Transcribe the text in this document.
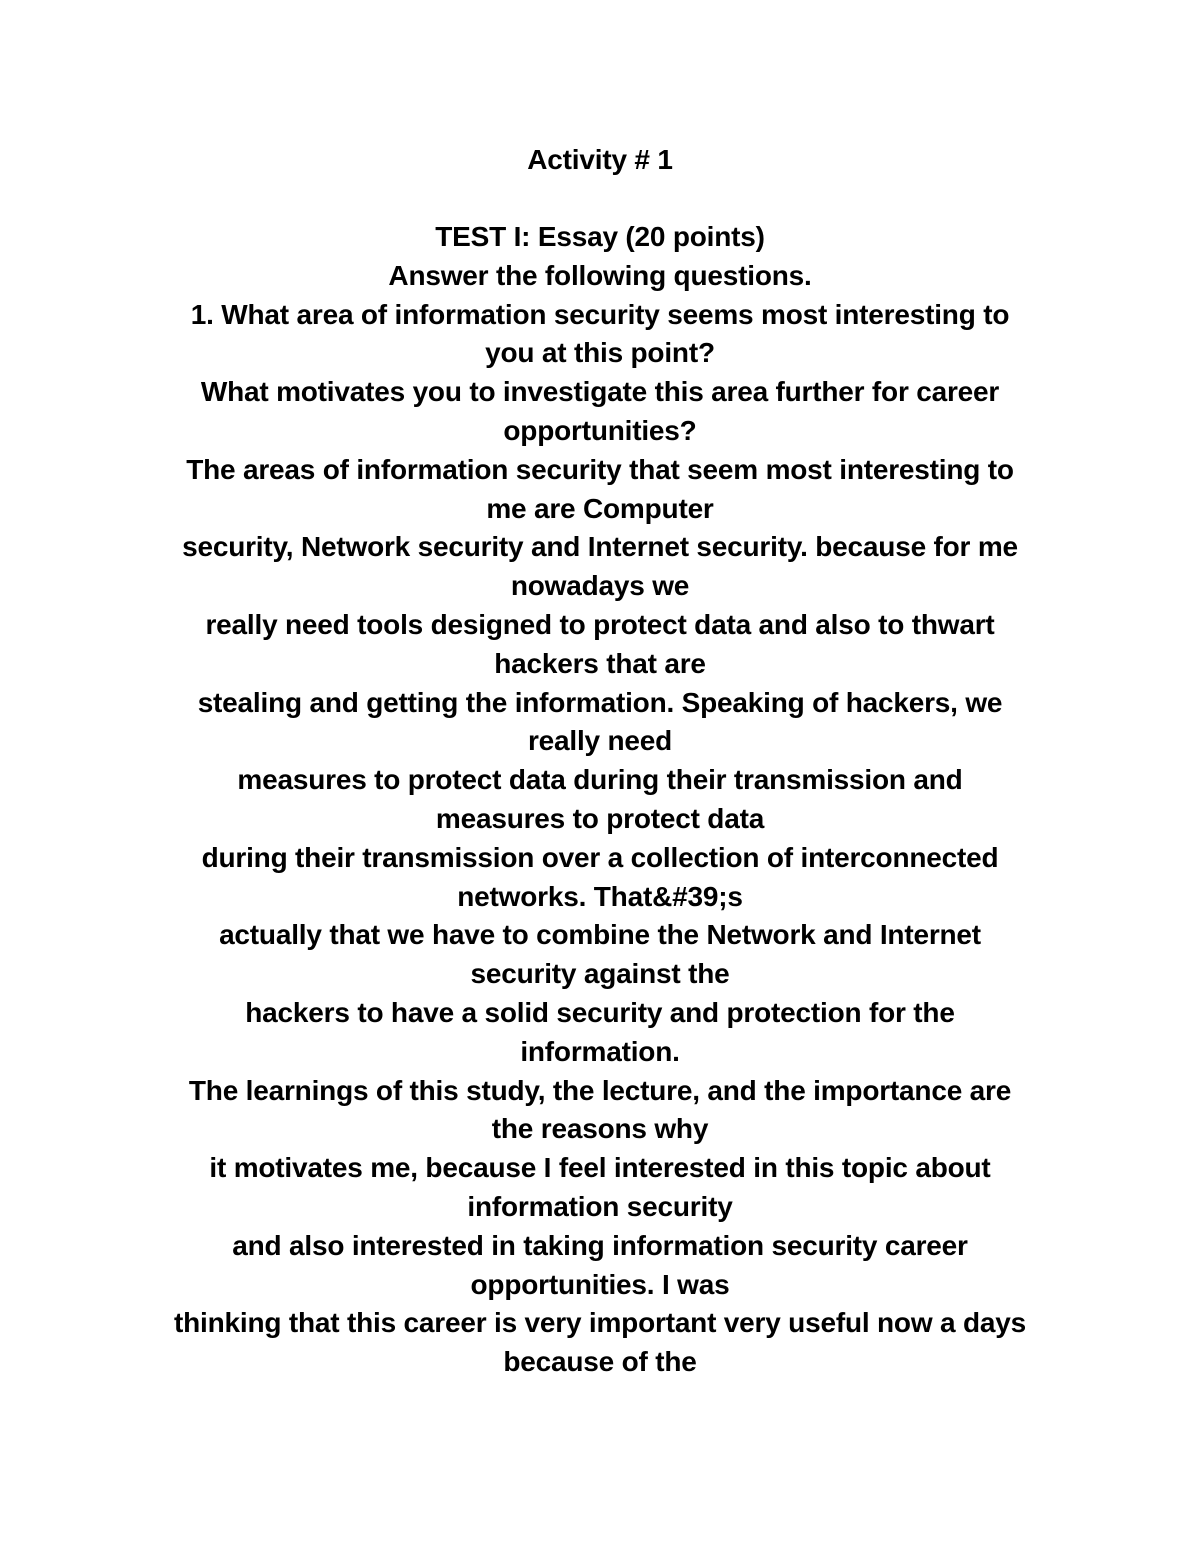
Activity # 1
TEST I: Essay (20 points)
Answer the following questions.
1. What area of information security seems most interesting to
you at this point?
What motivates you to investigate this area further for career
opportunities?
The areas of information security that seem most interesting to
me are Computer
security, Network security and Internet security. because for me
nowadays we
really need tools designed to protect data and also to thwart
hackers that are
stealing and getting the information. Speaking of hackers, we
really need
measures to protect data during their transmission and
measures to protect data
during their transmission over a collection of interconnected
networks. That&#39;s
actually that we have to combine the Network and Internet
security against the
hackers to have a solid security and protection for the
information.
The learnings of this study, the lecture, and the importance are
the reasons why
it motivates me, because I feel interested in this topic about
information security
and also interested in taking information security career
opportunities. I was
thinking that this career is very important very useful now a days
because of the
